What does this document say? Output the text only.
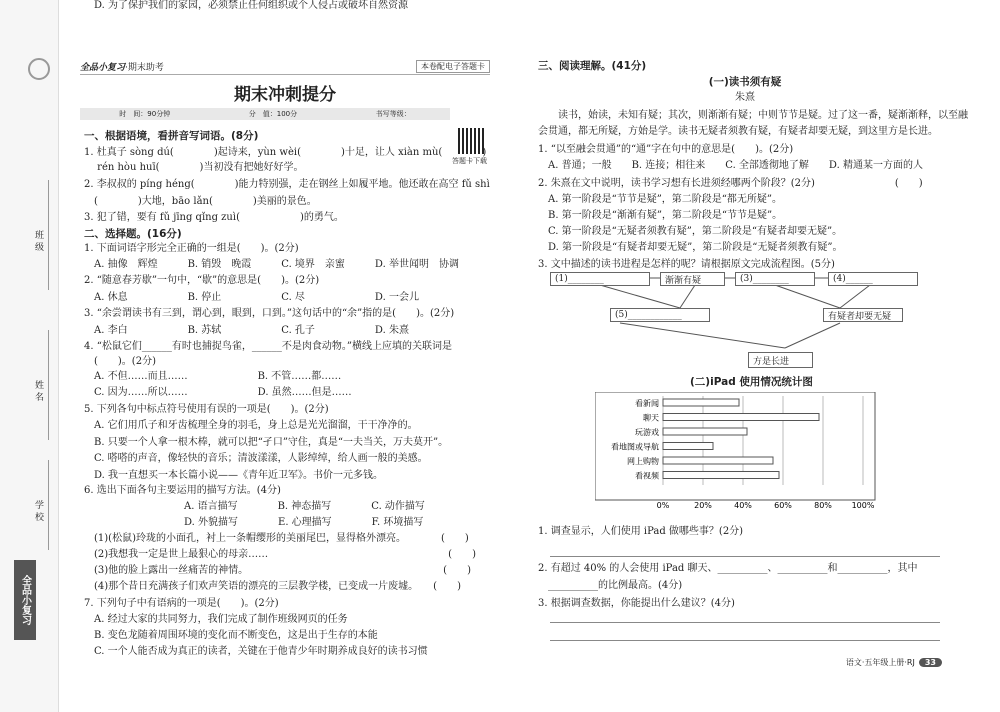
班 级
姓 名
学 校
全品小复习
全品小复习·期末助考	本卷配电子答题卡
期末冲刺提分
时　间：90分钟	分　值：100分	书写等级：
答题卡下载
一、根据语境，看拼音写词语。(8分)
1. 杜真子 sòng dú(　　　　)起诗来，yùn wèi(　　　　)十足，让人 xiàn mù(　　　　)
　 rén hòu huī(　　　　)当初没有把她好好学。
2. 李叔叔的 píng héng(　　　　)能力特别强，走在钢丝上如履平地。他还敢在高空 fǔ shì
　(　　　　)大地，bāo lǎn(　　　　)美丽的景色。
3. 犯了错，要有 fǔ jīng qǐng zuì(　　　　　　)的勇气。
二、选择题。(16分)
1. 下面词语字形完全正确的一组是(　　)。(2分)
　A. 抽像　辉煌　　　B. 销毁　晚霞　　　C. 境界　亲蜜　　　D. 举世闻明　协调
2. “随意春芳歇”一句中，“歇”的意思是(　　)。(2分)
　A. 休息　　　　　　B. 停止　　　　　　C. 尽　　　　　　　D. 一会儿
3. “余尝谓读书有三到，谓心到，眼到，口到。”这句话中的“余”指的是(　　)。(2分)
　A. 李白　　　　　　B. 苏轼　　　　　　C. 孔子　　　　　　D. 朱熹
4. “松鼠它们______有时也捕捉鸟雀，______不是肉食动物。”横线上应填的关联词是
　(　　)。(2分)
　A. 不但……而且……　　　　　　　B. 不管……都……
　C. 因为……所以……　　　　　　　D. 虽然……但是……
5. 下列各句中标点符号使用有误的一项是(　　)。(2分)
　A. 它们用爪子和牙齿梳理全身的羽毛，身上总是光光溜溜，干干净净的。
　B. 只要一个人拿一根木棒，就可以把“孑口”守住，真是“一夫当关，万夫莫开”。
　C. 嗒嗒的声音，像轻快的音乐；清波漾漾，人影绰绰，给人画一般的美感。
　D. 我一直想买一本长篇小说——《青年近卫军》。书价一元多钱。
6. 选出下面各句主要运用的描写方法。(4分)
　　　　　　　　　　A. 语言描写　　　　B. 神态描写　　　　C. 动作描写
　　　　　　　　　　D. 外貌描写　　　　E. 心理描写　　　　F. 环境描写
　(1)(松鼠)玲珑的小面孔，衬上一条帽缨形的美丽尾巴，显得格外漂亮。　　　　(　　)
　(2)我想我一定是世上最狠心的母亲……　　　　　　　　　　　　　　　　　　(　　)
　(3)他的脸上露出一丝痛苦的神情。　　　　　　　　　　　　　　　　　　　　(　　)
　(4)那个昔日充满孩子们欢声笑语的漂亮的三层教学楼，已变成一片废墟。　　(　　)
7. 下列句子中有语病的一项是(　　)。(2分)
　A. 经过大家的共同努力，我们完成了制作班级网页的任务
　B. 变色龙随着周围环境的变化而不断变色，这是出于生存的本能
　C. 一个人能否成为真正的读者，关键在于他青少年时期养成良好的读书习惯
　D. 为了保护我们的家园，必须禁止任何组织或个人侵占或破坏自然资源
三、阅读理解。(41分)
(一)读书须有疑
朱熹
　　读书，始读，未知有疑；其次，则渐渐有疑；中则节节是疑。过了这一番，疑渐渐释，以至融
会贯通，都无所疑，方始是学。读书无疑者须教有疑，有疑者却要无疑，到这里方是长进。
1. “以至融会贯通”的“通”字在句中的意思是(　　)。(2分)
　A. 普通；一般　　B. 连接；相往来　　C. 全部透彻地了解　　D. 精通某一方面的人
2. 朱熹在文中说明，读书学习想有长进须经哪两个阶段？(2分)　　　　　　　　(　　)
　A. 第一阶段是“节节是疑”，第二阶段是“都无所疑”。
　B. 第一阶段是“渐渐有疑”，第二阶段是“节节是疑”。
　C. 第一阶段是“无疑者须教有疑”，第二阶段是“有疑者却要无疑”。
　D. 第一阶段是“有疑者却要无疑”，第二阶段是“无疑者须教有疑”。
3. 文中描述的读书进程是怎样的呢？请根据原文完成流程图。(5分)
(1)________	渐渐有疑	(3)________	(4)______
(5)____________	有疑者却要无疑
方是长进
(二)iPad 使用情况统计图
0%	20%	40%	60%	80% 100%
看新闻
聊天
玩游戏
看地图或导航
网上购物
看视频
1. 调查显示，人们使用 iPad 做哪些事？(2分)
2. 有超过 40% 的人会使用 iPad 聊天、__________、__________和__________，其中
　__________的比例最高。(4分)
3. 根据调查数据，你能提出什么建议？(4分)
语文·五年级上册·RJ	33
